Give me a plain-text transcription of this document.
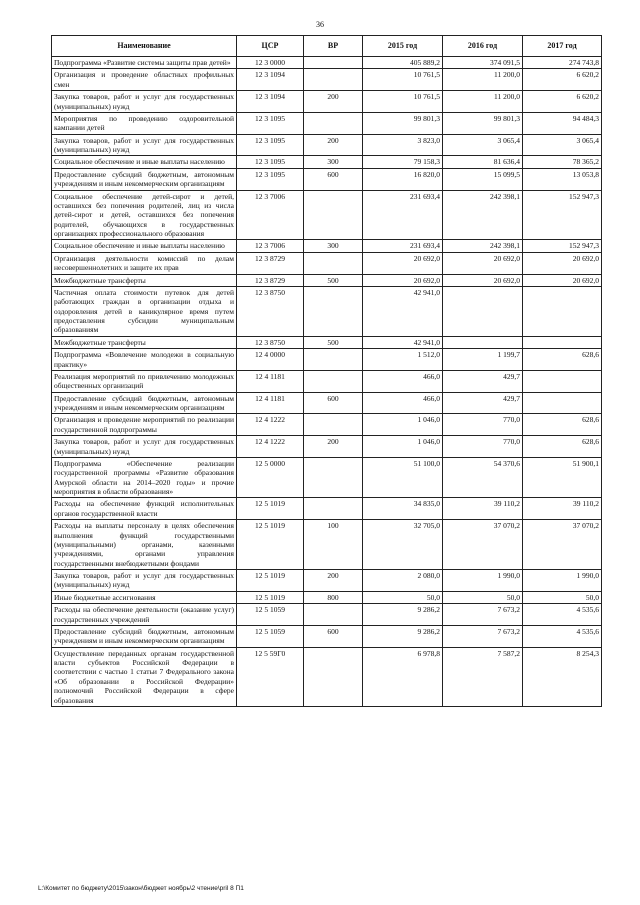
36
Наименование	ЦСР	ВР	2015 год	2016 год	2017 год
Подпрограмма «Развитие системы защиты прав детей»	12 3 0000		405 889,2	374 091,5	274 743,8
Организация и проведение областных профильных смен	12 3 1094		10 761,5	11 200,0	6 620,2
Закупка товаров, работ и услуг для государственных (муниципальных) нужд	12 3 1094	200	10 761,5	11 200,0	6 620,2
Мероприятия по проведению оздоровительной кампании детей	12 3 1095		99 801,3	99 801,3	94 484,3
Закупка товаров, работ и услуг для государственных (муниципальных) нужд	12 3 1095	200	3 823,0	3 065,4	3 065,4
Социальное обеспечение и иные выплаты населению	12 3 1095	300	79 158,3	81 636,4	78 365,2
Предоставление субсидий бюджетным, автономным учреждениям и иным некоммерческим организациям	12 3 1095	600	16 820,0	15 099,5	13 053,8
Социальное обеспечение детей-сирот и детей, оставшихся без попечения родителей, лиц из числа детей-сирот и детей, оставшихся без попечения родителей, обучающихся в государственных организациях профессионального образования	12 3 7006		231 693,4	242 398,1	152 947,3
Социальное обеспечение и иные выплаты населению	12 3 7006	300	231 693,4	242 398,1	152 947,3
Организация деятельности комиссий по делам несовершеннолетних и защите их прав	12 3 8729		20 692,0	20 692,0	20 692,0
Межбюджетные трансферты	12 3 8729	500	20 692,0	20 692,0	20 692,0
Частичная оплата стоимости путевок для детей работающих граждан в организации отдыха и оздоровления детей в каникулярное время путем предоставления субсидии муниципальным образованиям	12 3 8750		42 941,0		
Межбюджетные трансферты	12 3 8750	500	42 941,0		
Подпрограмма «Вовлечение молодежи в социальную практику»	12 4 0000		1 512,0	1 199,7	628,6
Реализация мероприятий по привлечению молодежных общественных организаций	12 4 1181		466,0	429,7	
Предоставление субсидий бюджетным, автономным учреждениям и иным некоммерческим организациям	12 4 1181	600	466,0	429,7	
Организация и проведение мероприятий по реализации государственной подпрограммы	12 4 1222		1 046,0	770,0	628,6
Закупка товаров, работ и услуг для государственных (муниципальных) нужд	12 4 1222	200	1 046,0	770,0	628,6
Подпрограмма «Обеспечение реализации государственной программы «Развитие образования Амурской области на 2014–2020 годы» и прочие мероприятия в области образования»	12 5 0000		51 100,0	54 370,6	51 900,1
Расходы на обеспечение функций исполнительных органов государственной власти	12 5 1019		34 835,0	39 110,2	39 110,2
Расходы на выплаты персоналу в целях обеспечения выполнения функций государственными (муниципальными) органами, казенными учреждениями, органами управления государственными внебюджетными фондами	12 5 1019	100	32 705,0	37 070,2	37 070,2
Закупка товаров, работ и услуг для государственных (муниципальных) нужд	12 5 1019	200	2 080,0	1 990,0	1 990,0
Иные бюджетные ассигнования	12 5 1019	800	50,0	50,0	50,0
Расходы на обеспечение деятельности (оказание услуг) государственных учреждений	12 5 1059		9 286,2	7 673,2	4 535,6
Предоставление субсидий бюджетным, автономным учреждениям и иным некоммерческим организациям	12 5 1059	600	9 286,2	7 673,2	4 535,6
Осуществление переданных органам государственной власти субъектов Российской Федерации в соответствии с частью 1 статьи 7 Федерального закона «Об образовании в Российской Федерации» полномочий Российской Федерации в сфере образования	12 5 59Г0		6 978,8	7 587,2	8 254,3
L:\Комитет по бюджету\2015\закон\бюджет ноябрь\2 чтение\pril 8 П1
